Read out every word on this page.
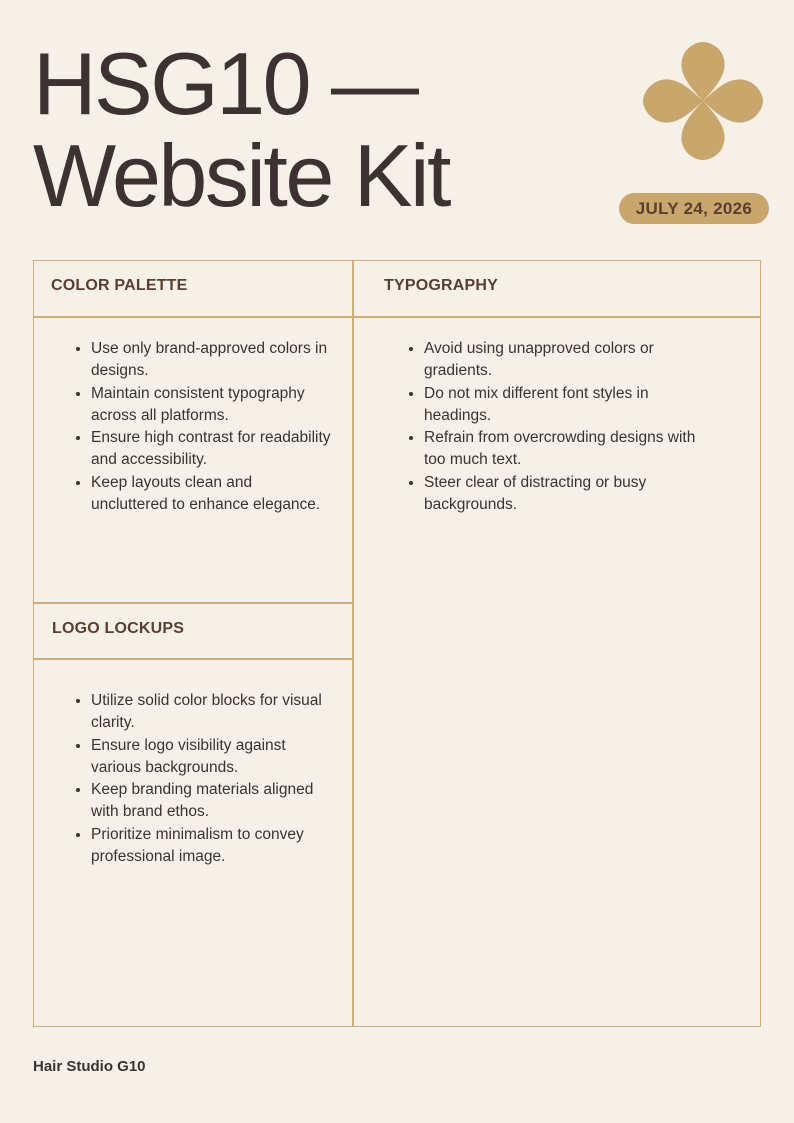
HSG10 —
Website Kit	JULY 24, 2026
COLOR PALETTE	TYPOGRAPHY
LOGO LOCKUPS
• Use only brand-approved colors in designs.
• Maintain consistent typography across all platforms.
• Ensure high contrast for readability and accessibility.
• Keep layouts clean and uncluttered to enhance elegance.
• Avoid using unapproved colors or gradients.
• Do not mix different font styles in headings.
• Refrain from overcrowding designs with too much text.
• Steer clear of distracting or busy backgrounds.
• Utilize solid color blocks for visual clarity.
• Ensure logo visibility against various backgrounds.
• Keep branding materials aligned with brand ethos.
• Prioritize minimalism to convey professional image.
Hair Studio G10
